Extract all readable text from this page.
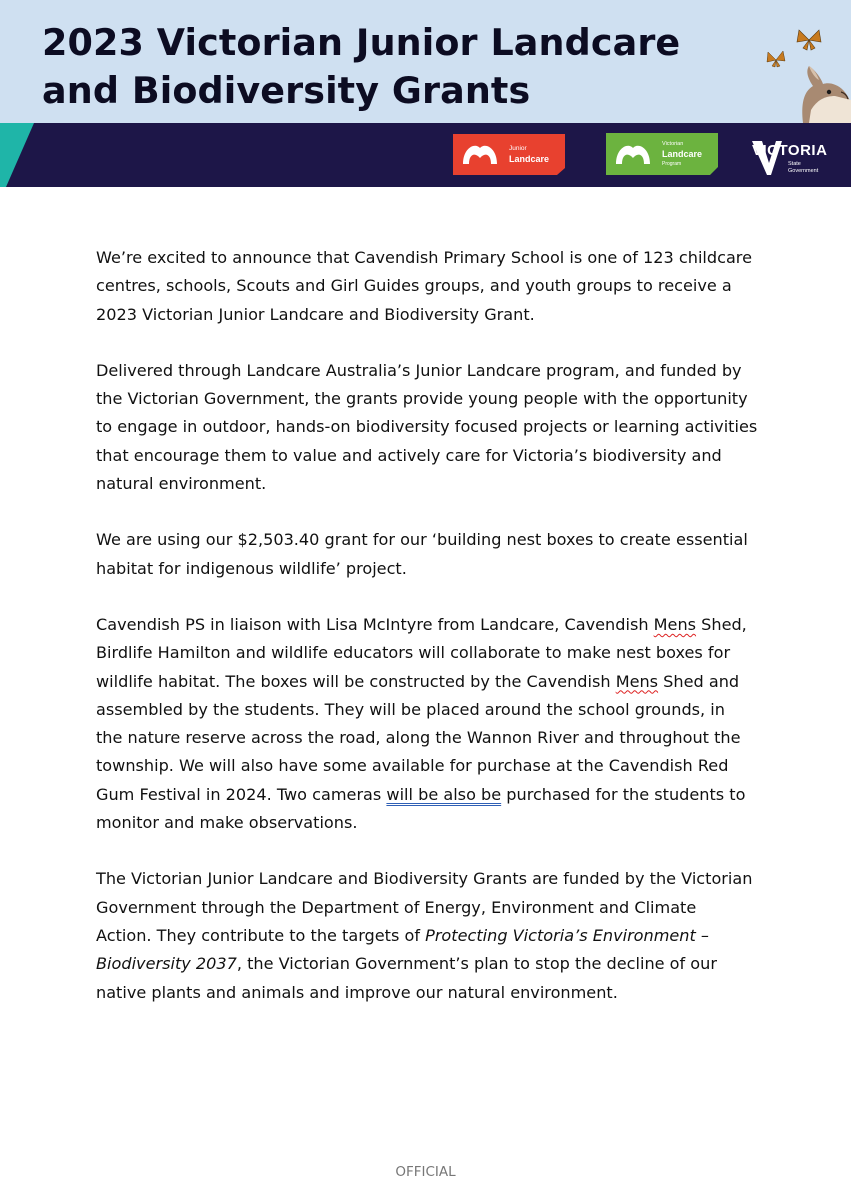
2023 Victorian Junior Landcare
and Biodiversity Grants
Junior
Landcare
Victorian
Landcare
Program
VICTORIA
State
Government

We’re excited to announce that Cavendish Primary School is one of 123 childcare
centres, schools, Scouts and Girl Guides groups, and youth groups to receive a
2023 Victorian Junior Landcare and Biodiversity Grant.

Delivered through Landcare Australia’s Junior Landcare program, and funded by
the Victorian Government, the grants provide young people with the opportunity
to engage in outdoor, hands-on biodiversity focused projects or learning activities
that encourage them to value and actively care for Victoria’s biodiversity and
natural environment.

We are using our $2,503.40 grant for our ‘building nest boxes to create essential
habitat for indigenous wildlife’ project.

Cavendish PS in liaison with Lisa McIntyre from Landcare, Cavendish Mens Shed,
Birdlife Hamilton and wildlife educators will collaborate to make nest boxes for
wildlife habitat. The boxes will be constructed by the Cavendish Mens Shed and
assembled by the students. They will be placed around the school grounds, in
the nature reserve across the road, along the Wannon River and throughout the
township. We will also have some available for purchase at the Cavendish Red
Gum Festival in 2024. Two cameras will be also be purchased for the students to
monitor and make observations.

The Victorian Junior Landcare and Biodiversity Grants are funded by the Victorian
Government through the Department of Energy, Environment and Climate
Action. They contribute to the targets of Protecting Victoria’s Environment –
Biodiversity 2037, the Victorian Government’s plan to stop the decline of our
native plants and animals and improve our natural environment.

OFFICIAL
